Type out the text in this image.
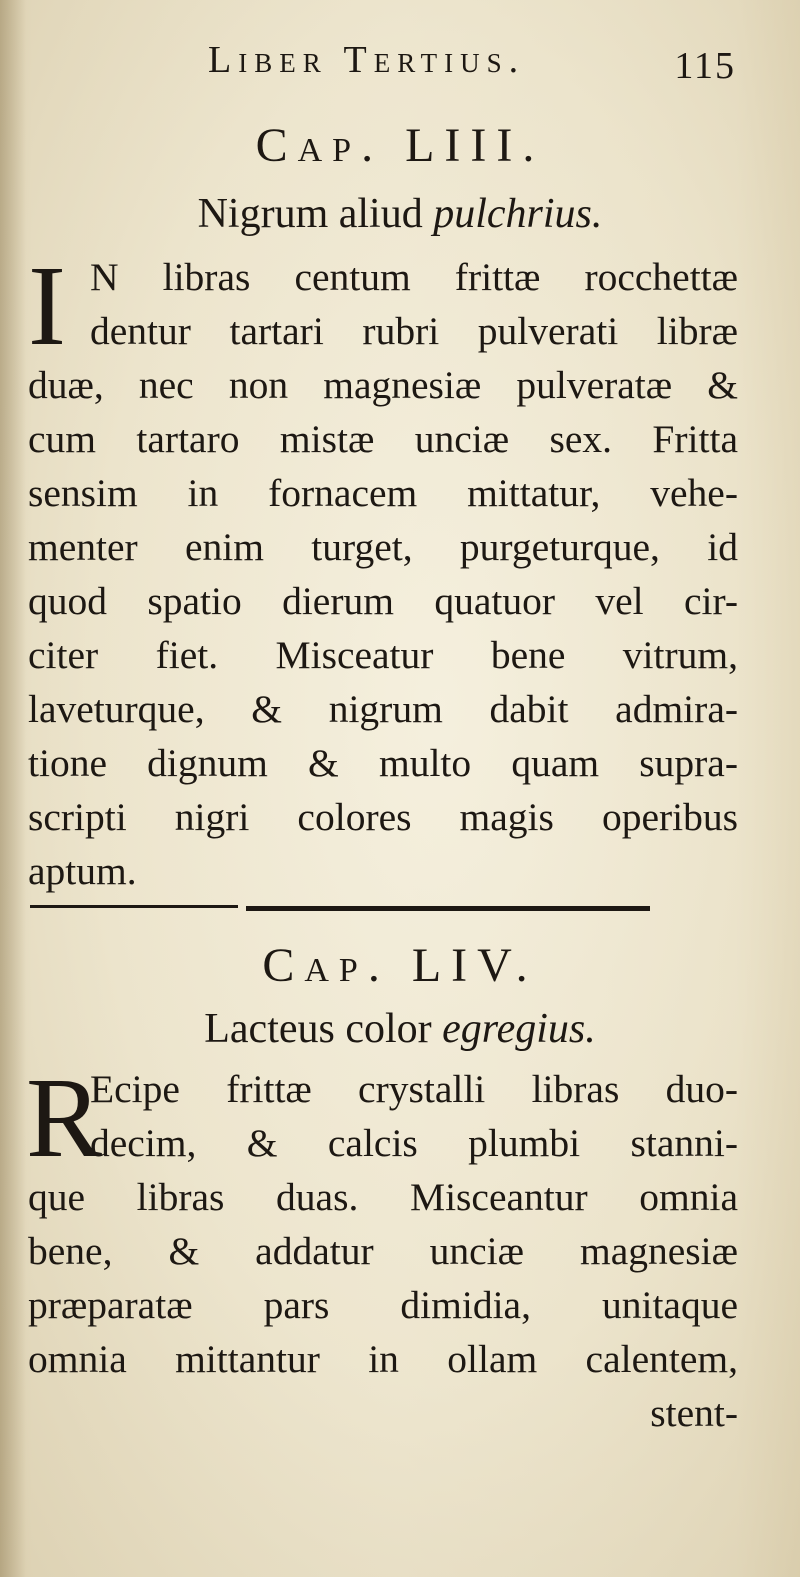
Liber Tertius.	115
Cap. LIII.
Nigrum aliud pulchrius.
I N libras centum frittæ rocchettæ
dentur tartari rubri pulverati libræ
duæ, nec non magnesiæ pulveratæ &
cum tartaro mistæ unciæ sex. Fritta
sensim in fornacem mittatur, vehe-
menter enim turget, purgeturque, id
quod spatio dierum quatuor vel cir-
citer fiet. Misceatur bene vitrum,
laveturque, & nigrum dabit admira-
tione dignum & multo quam supra-
scripti nigri colores magis operibus
aptum.
Cap. LIV.
Lacteus color egregius.
R
Ecipe frittæ crystalli libras duo-
decim, & calcis plumbi stanni-
que libras duas. Misceantur omnia
bene, & addatur unciæ magnesiæ
præparatæ pars dimidia, unitaque
omnia mittantur in ollam calentem,
stent-
